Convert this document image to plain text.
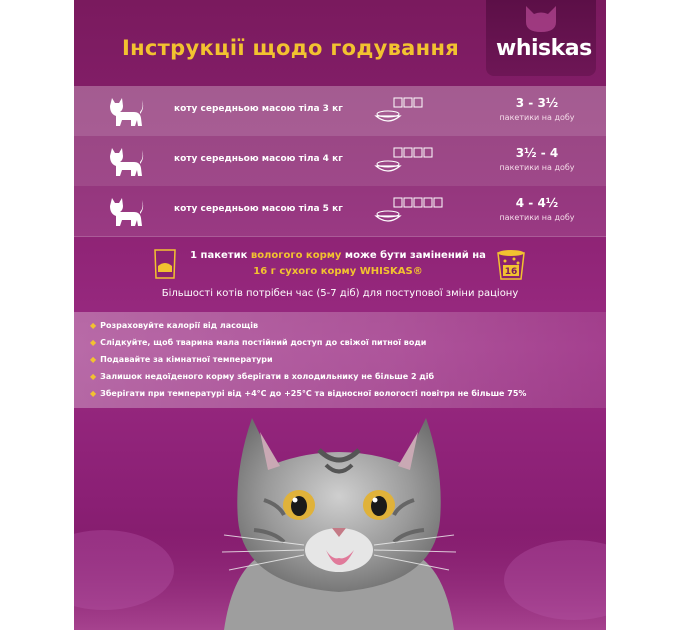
Інструкції щодо годування whiskas
коту середньою масою тіла 3 кг	3 - 3½
пакетики на добу
коту середньою масою тіла 4 кг	3½ - 4
пакетики на добу
коту середньою масою тіла 5 кг	4 - 4½
пакетики на добу
1 пакетик вологого корму може бути замінений на
16 г сухого корму WHISKAS®	16
Більшості котів потрібен час (5-7 діб) для поступової зміни раціону
◆ Розраховуйте калорії від ласощів
◆ Слідкуйте, щоб тварина мала постійний доступ до свіжої питної води
◆ Подавайте за кімнатної температури
◆ Залишок недоїденого корму зберігати в холодильнику не більше 2 діб
◆ Зберігати при температурі від +4°С до +25°С та відносної вологості повітря не більше 75%
